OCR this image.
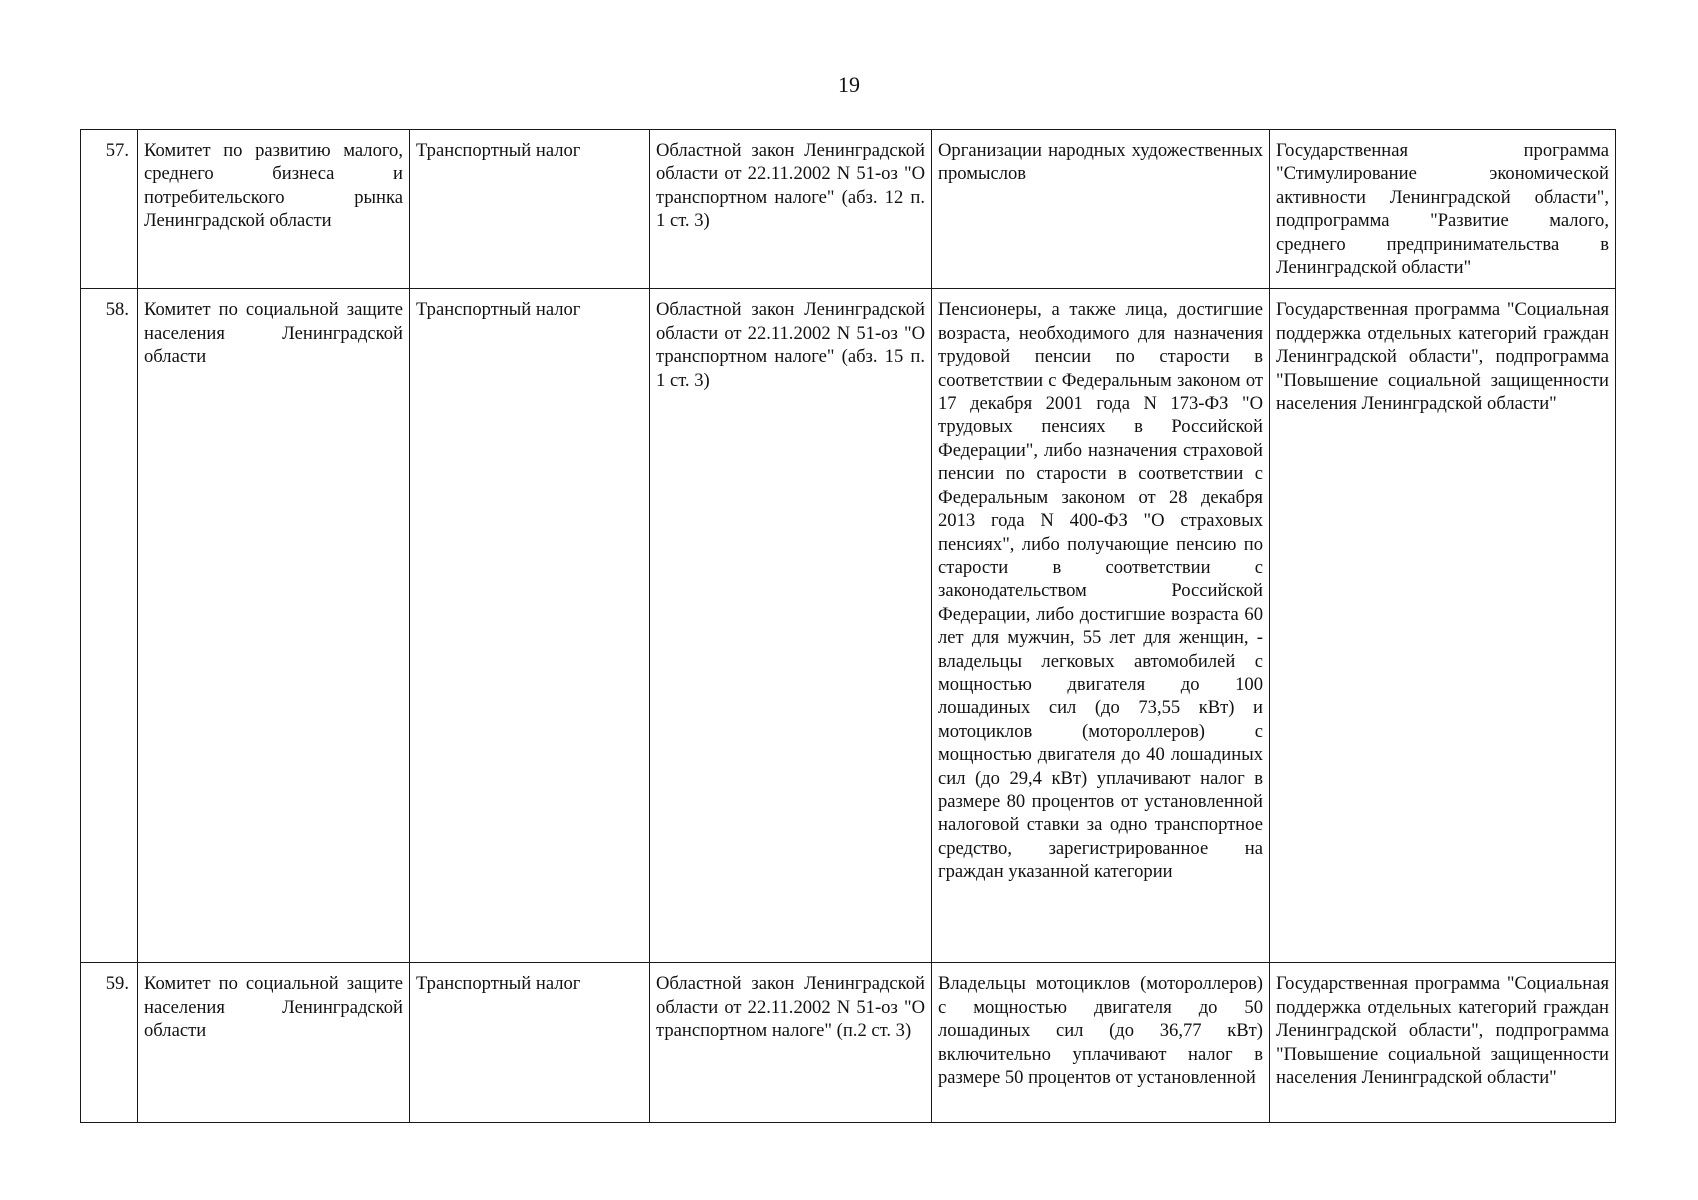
19
57.	Комитет по развитию малого, среднего бизнеса и потребительского рынка Ленинградской области	Транспортный налог	Областной закон Ленинградской области от 22.11.2002 N 51-оз "О транспортном налоге" (абз. 12 п. 1 ст. 3)	Организации народных художественных промыслов	Государственная программа "Стимулирование экономической активности Ленинградской области", подпрограмма "Развитие малого, среднего предпринимательства в Ленинградской области"
58.	Комитет по социальной защите населения Ленинградской области	Транспортный налог	Областной закон Ленинградской области от 22.11.2002 N 51-оз "О транспортном налоге" (абз. 15 п. 1 ст. 3)	Пенсионеры, а также лица, достигшие возраста, необходимого для назначения трудовой пенсии по старости в соответствии с Федеральным законом от 17 декабря 2001 года N 173-ФЗ "О трудовых пенсиях в Российской Федерации", либо назначения страховой пенсии по старости в соответствии с Федеральным законом от 28 декабря 2013 года N 400-ФЗ "О страховых пенсиях", либо получающие пенсию по старости в соответствии с законодательством Российской Федерации, либо достигшие возраста 60 лет для мужчин, 55 лет для женщин, - владельцы легковых автомобилей с мощностью двигателя до 100 лошадиных сил (до 73,55 кВт) и мотоциклов (мотороллеров) с мощностью двигателя до 40 лошадиных сил (до 29,4 кВт) уплачивают налог в размере 80 процентов от установленной налоговой ставки за одно транспортное средство, зарегистрированное на граждан указанной категории	Государственная программа "Социальная поддержка отдельных категорий граждан Ленинградской области", подпрограмма "Повышение социальной защищенности населения Ленинградской области"
59.	Комитет по социальной защите населения Ленинградской области	Транспортный налог	Областной закон Ленинградской области от 22.11.2002 N 51-оз "О транспортном налоге" (п.2 ст. 3)	Владельцы мотоциклов (мотороллеров) с мощностью двигателя до 50 лошадиных сил (до 36,77 кВт) включительно уплачивают налог в размере 50 процентов от установленной	Государственная программа "Социальная поддержка отдельных категорий граждан Ленинградской области", подпрограмма "Повышение социальной защищенности населения Ленинградской области"
